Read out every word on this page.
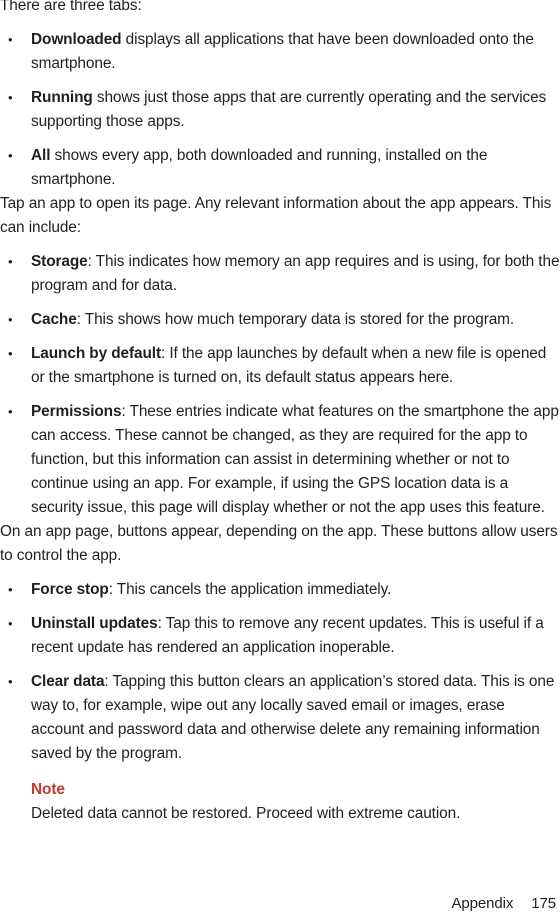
There are three tabs:

• Downloaded displays all applications that have been downloaded onto the smartphone.
• Running shows just those apps that are currently operating and the services supporting those apps.
• All shows every app, both downloaded and running, installed on the smartphone.

Tap an app to open its page. Any relevant information about the app appears. This can include:

• Storage: This indicates how memory an app requires and is using, for both the program and for data.
• Cache: This shows how much temporary data is stored for the program.
• Launch by default: If the app launches by default when a new file is opened or the smartphone is turned on, its default status appears here.
• Permissions: These entries indicate what features on the smartphone the app can access. These cannot be changed, as they are required for the app to function, but this information can assist in determining whether or not to continue using an app. For example, if using the GPS location data is a security issue, this page will display whether or not the app uses this feature.

On an app page, buttons appear, depending on the app. These buttons allow users to control the app.

• Force stop: This cancels the application immediately.
• Uninstall updates: Tap this to remove any recent updates. This is useful if a recent update has rendered an application inoperable.
• Clear data: Tapping this button clears an application’s stored data. This is one way to, for example, wipe out any locally saved email or images, erase account and password data and otherwise delete any remaining information saved by the program.
Note
Deleted data cannot be restored. Proceed with extreme caution.
Appendix 175
